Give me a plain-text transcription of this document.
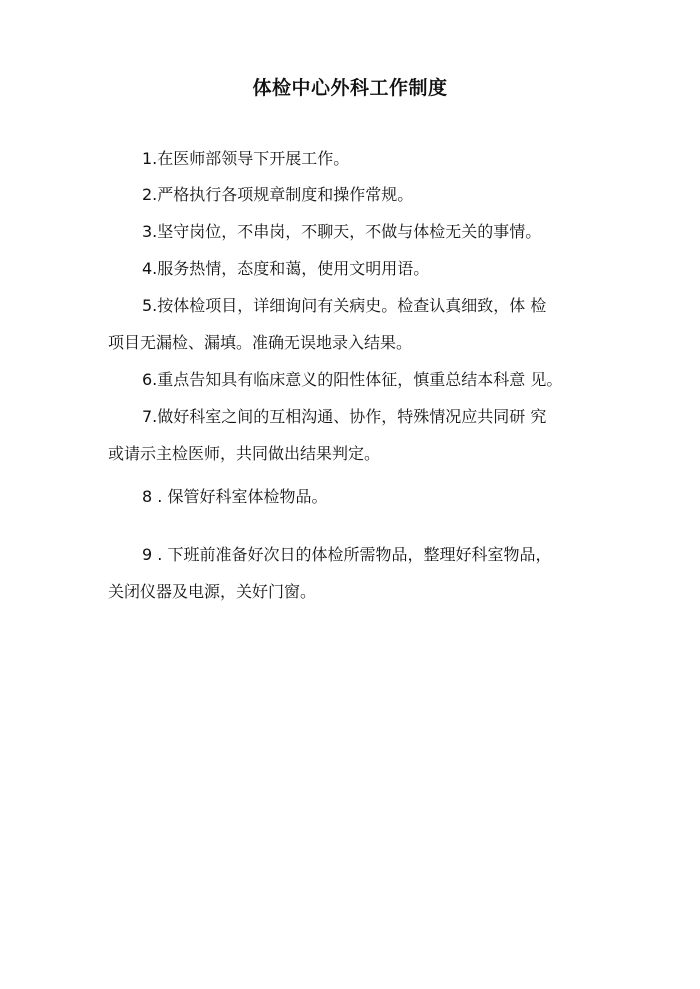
体检中心外科工作制度
1.在医师部领导下开展工作。
2.严格执行各项规章制度和操作常规。
3.坚守岗位，不串岗，不聊天，不做与体检无关的事情。
4.服务热情，态度和蔼，使用文明用语。
5.按体检项目，详细询问有关病史。检查认真细致，体 检
项目无漏检、漏填。准确无误地录入结果。
6.重点告知具有临床意义的阳性体征，慎重总结本科意 见。
7.做好科室之间的互相沟通、协作，特殊情况应共同研 究
或请示主检医师，共同做出结果判定。
8 . 保管好科室体检物品。
9 . 下班前准备好次日的体检所需物品，整理好科室物品，
关闭仪器及电源，关好门窗。
